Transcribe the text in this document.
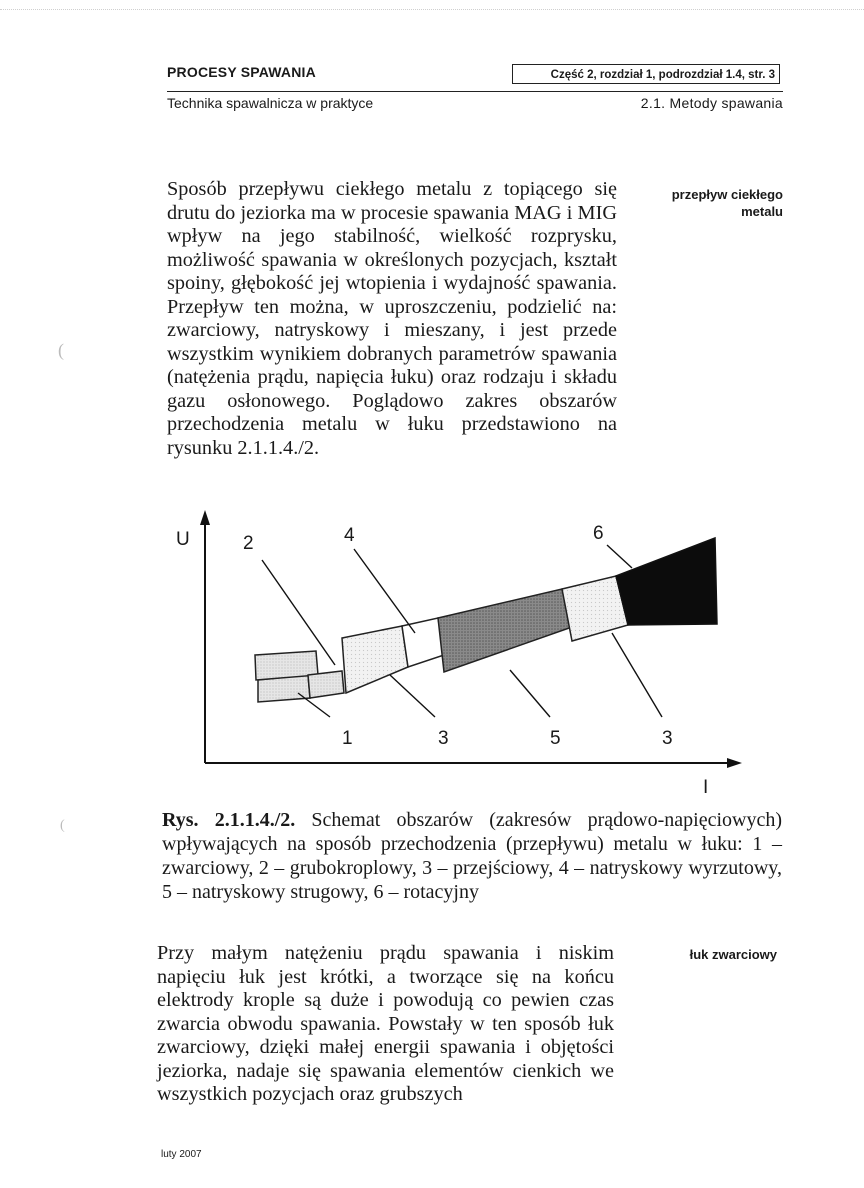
PROCESY SPAWANIA	Część 2, rozdział 1, podrozdział 1.4, str. 3
Technika spawalnicza w praktyce	2.1. Metody spawania
Sposób przepływu ciekłego metalu z topiącego się drutu do jeziorka ma w procesie spawania MAG i MIG wpływ na jego stabilność, wielkość rozprysku, możliwość spawania w określonych pozycjach, kształt spoiny, głębokość jej wtopienia i wydajność spawania. Przepływ ten można, w uproszczeniu, podzielić na: zwarciowy, natryskowy i mieszany, i jest przede wszystkim wynikiem dobranych parametrów spawania (natężenia prądu, napięcia łuku) oraz rodzaju i składu gazu osłonowego. Poglądowo zakres obszarów przechodzenia metalu w łuku przedstawiono na rysunku 2.1.1.4./2.
przepływ ciekłego metalu
(
(
U
I
2	4	6
1	3	5	3
Rys. 2.1.1.4./2. Schemat obszarów (zakresów prądowo-napięciowych) wpływających na sposób przechodzenia (przepływu) metalu w łuku: 1 – zwarciowy, 2 – grubokroplowy, 3 – przejściowy, 4 – natryskowy wyrzutowy, 5 – natryskowy strugowy, 6 – rotacyjny
Przy małym natężeniu prądu spawania i niskim napięciu łuk jest krótki, a tworzące się na końcu elektrody krople są duże i powodują co pewien czas zwarcia obwodu spawania. Powstały w ten sposób łuk zwarciowy, dzięki małej energii spawania i objętości jeziorka, nadaje się spawania elementów cienkich we wszystkich pozycjach oraz grubszych
łuk zwarciowy
luty 2007
